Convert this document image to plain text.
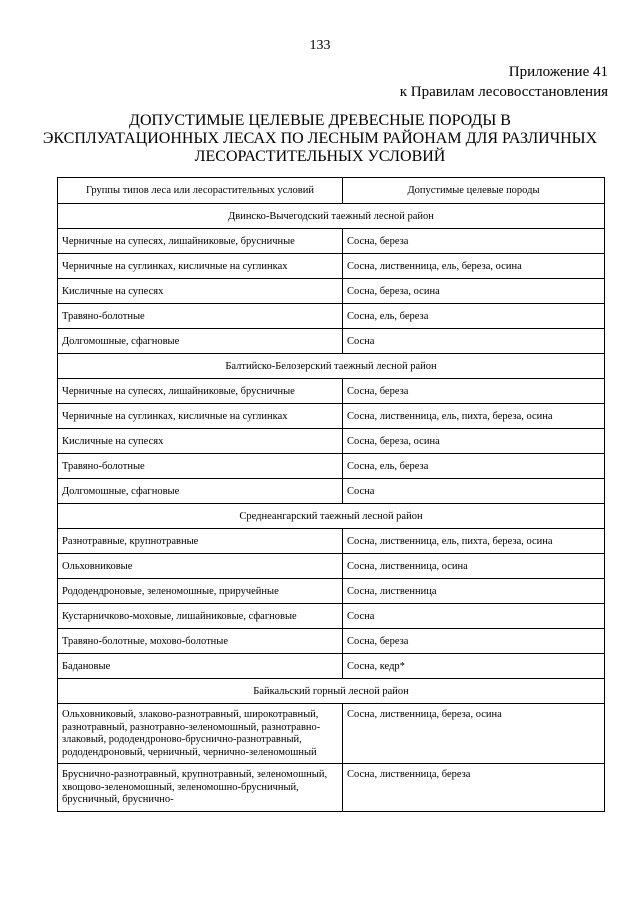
133
Приложение 41
к Правилам лесовосстановления
ДОПУСТИМЫЕ ЦЕЛЕВЫЕ ДРЕВЕСНЫЕ ПОРОДЫ В
ЭКСПЛУАТАЦИОННЫХ ЛЕСАХ ПО ЛЕСНЫМ РАЙОНАМ ДЛЯ РАЗЛИЧНЫХ
ЛЕСОРАСТИТЕЛЬНЫХ УСЛОВИЙ
Группы типов леса или лесорастительных условий	Допустимые целевые породы
Двинско-Вычегодский таежный лесной район	
Черничные на супесях, лишайниковые, брусничные	Сосна, береза
Черничные на суглинках, кисличные на суглинках	Сосна, лиственница, ель, береза, осина
Кисличные на супесях	Сосна, береза, осина
Травяно-болотные	Сосна, ель, береза
Долгомошные, сфагновые	Сосна
Балтийско-Белозерский таежный лесной район	
Черничные на супесях, лишайниковые, брусничные	Сосна, береза
Черничные на суглинках, кисличные на суглинках	Сосна, лиственница, ель, пихта, береза, осина
Кисличные на супесях	Сосна, береза, осина
Травяно-болотные	Сосна, ель, береза
Долгомошные, сфагновые	Сосна
Среднеангарский таежный лесной район	
Разнотравные, крупнотравные	Сосна, лиственница, ель, пихта, береза, осина
Ольховниковые	Сосна, лиственница, осина
Рододендроновые, зеленомошные, приручейные	Сосна, лиственница
Кустарничково-моховые, лишайниковые, сфагновые	Сосна
Травяно-болотные, мохово-болотные	Сосна, береза
Бадановые	Сосна, кедр*
Байкальский горный лесной район	
Ольховниковый, злаково-разнотравный, широкотравный, разнотравный, разнотравно-зеленомошный, разнотравно-злаковый, рододендроново-бруснично-разнотравный, рододендроновый, черничный, чернично-зеленомошный	Сосна, лиственница, береза, осина
Бруснично-разнотравный, крупнотравный, зеленомошный, хвощово-зеленомошный, зеленомошно-брусничный, брусничный, бруснично-	Сосна, лиственница, береза
